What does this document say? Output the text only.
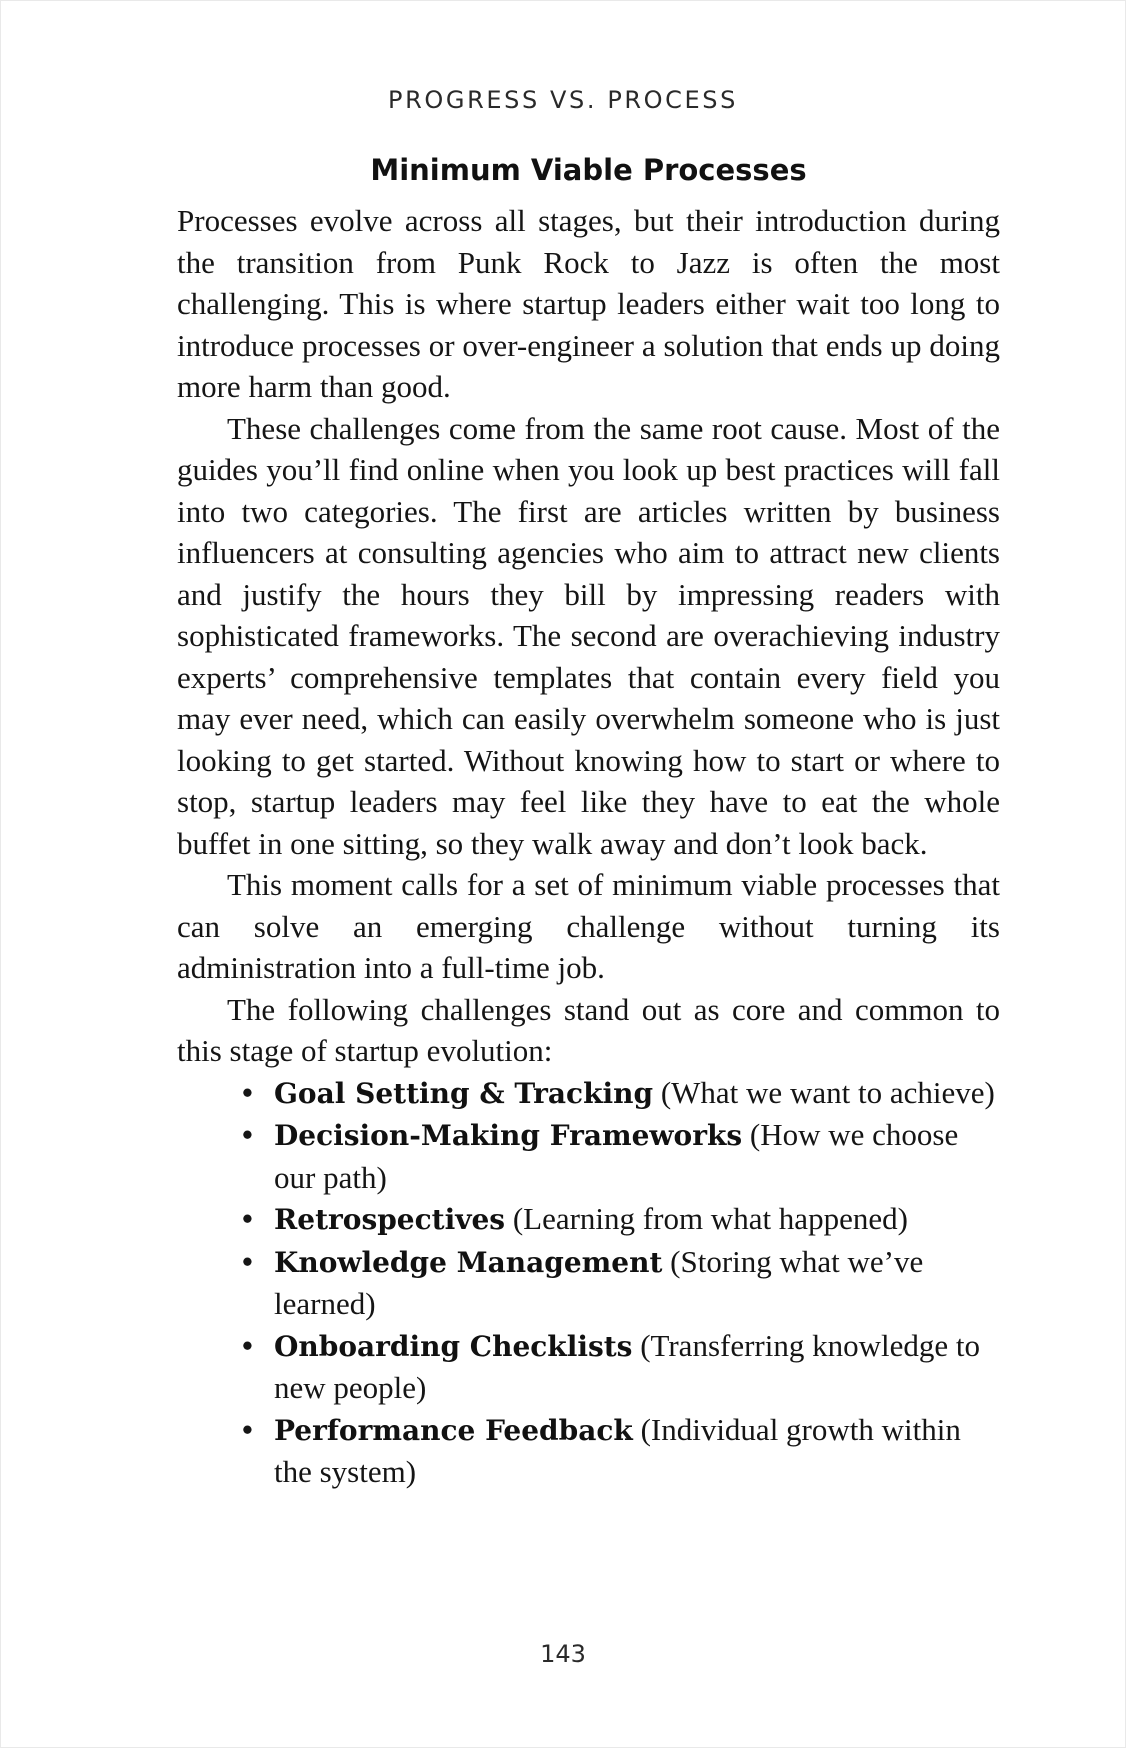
PROGRESS VS. PROCESS
Minimum Viable Processes

Processes evolve across all stages, but their introduction during the transition from Punk Rock to Jazz is often the most challenging. This is where startup leaders either wait too long to introduce processes or over-engineer a solution that ends up doing more harm than good.

These challenges come from the same root cause. Most of the guides you’ll find online when you look up best practices will fall into two categories. The first are articles written by business influencers at consulting agencies who aim to attract new clients and justify the hours they bill by impressing readers with sophisticated frameworks. The second are overachieving industry experts’ comprehensive templates that contain every field you may ever need, which can easily overwhelm someone who is just looking to get started. Without knowing how to start or where to stop, startup leaders may feel like they have to eat the whole buffet in one sitting, so they walk away and don’t look back.

This moment calls for a set of minimum viable processes that can solve an emerging challenge without turning its administration into a full-time job.

The following challenges stand out as core and common to this stage of startup evolution:

• Goal Setting & Tracking (What we want to achieve)
• Decision-Making Frameworks (How we choose our path)
• Retrospectives (Learning from what happened)
• Knowledge Management (Storing what we’ve learned)
• Onboarding Checklists (Transferring knowledge to new people)
• Performance Feedback (Individual growth within the system)
143
